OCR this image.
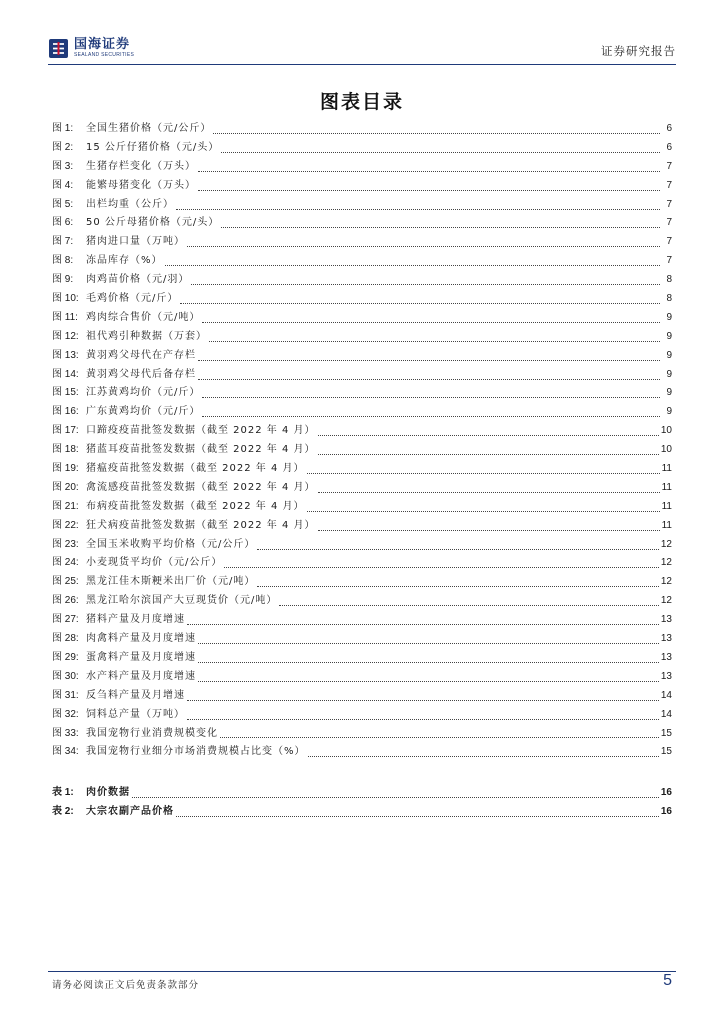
国海证券
SEALAND SECURITIES	证券研究报告
图表目录
图 1:	全国生猪价格（元/公斤）	6
图 2:	15 公斤仔猪价格（元/头）	6
图 3:	生猪存栏变化（万头）	7
图 4:	能繁母猪变化（万头）	7
图 5:	出栏均重（公斤）	7
图 6:	50 公斤母猪价格（元/头）	7
图 7:	猪肉进口量（万吨）	7
图 8:	冻品库存（%）	7
图 9:	肉鸡苗价格（元/羽）	8
图 10: 毛鸡价格（元/斤）	8
图 11: 鸡肉综合售价（元/吨）	9
图 12: 祖代鸡引种数据（万套）	9
图 13: 黄羽鸡父母代在产存栏	9
图 14: 黄羽鸡父母代后备存栏	9
图 15: 江苏黄鸡均价（元/斤）	9
图 16: 广东黄鸡均价（元/斤）	9
图 17: 口蹄疫疫苗批签发数据（截至 2022 年 4 月）	10
图 18: 猪蓝耳疫苗批签发数据（截至 2022 年 4 月）	10
图 19: 猪瘟疫苗批签发数据（截至 2022 年 4 月）	11
图 20: 禽流感疫苗批签发数据（截至 2022 年 4 月）	11
图 21: 布病疫苗批签发数据（截至 2022 年 4 月）	11
图 22: 狂犬病疫苗批签发数据（截至 2022 年 4 月）	11
图 23: 全国玉米收购平均价格（元/公斤）	12
图 24: 小麦现货平均价（元/公斤）	12
图 25: 黑龙江佳木斯粳米出厂价（元/吨）	12
图 26: 黑龙江哈尔滨国产大豆现货价（元/吨）	12
图 27: 猪料产量及月度增速	13
图 28: 肉禽料产量及月度增速	13
图 29: 蛋禽料产量及月度增速	13
图 30: 水产料产量及月度增速	13
图 31: 反刍料产量及月增速	14
图 32: 饲料总产量（万吨）	14
图 33: 我国宠物行业消费规模变化	15
图 34: 我国宠物行业细分市场消费规模占比变（%）	15
表 1:	肉价数据	16
表 2:	大宗农副产品价格	16
请务必阅读正文后免责条款部分	5
